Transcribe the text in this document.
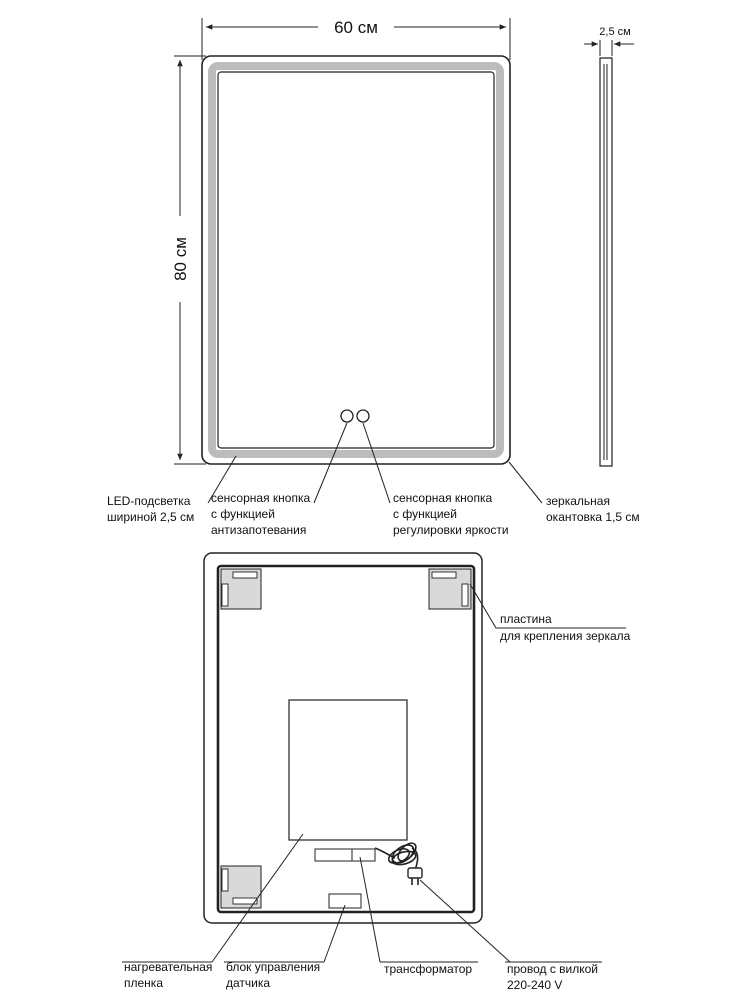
60 см
80 см
2,5 см
LED-подсветка
шириной 2,5 см
сенсорная кнопка
с функцией
антизапотевания
сенсорная кнопка
с функцией
регулировки яркости
зеркальная
окантовка 1,5 см
пластина
для крепления зеркала
нагревательная
пленка
блок управления
датчика
трансформатор	провод с вилкой
220-240 V
